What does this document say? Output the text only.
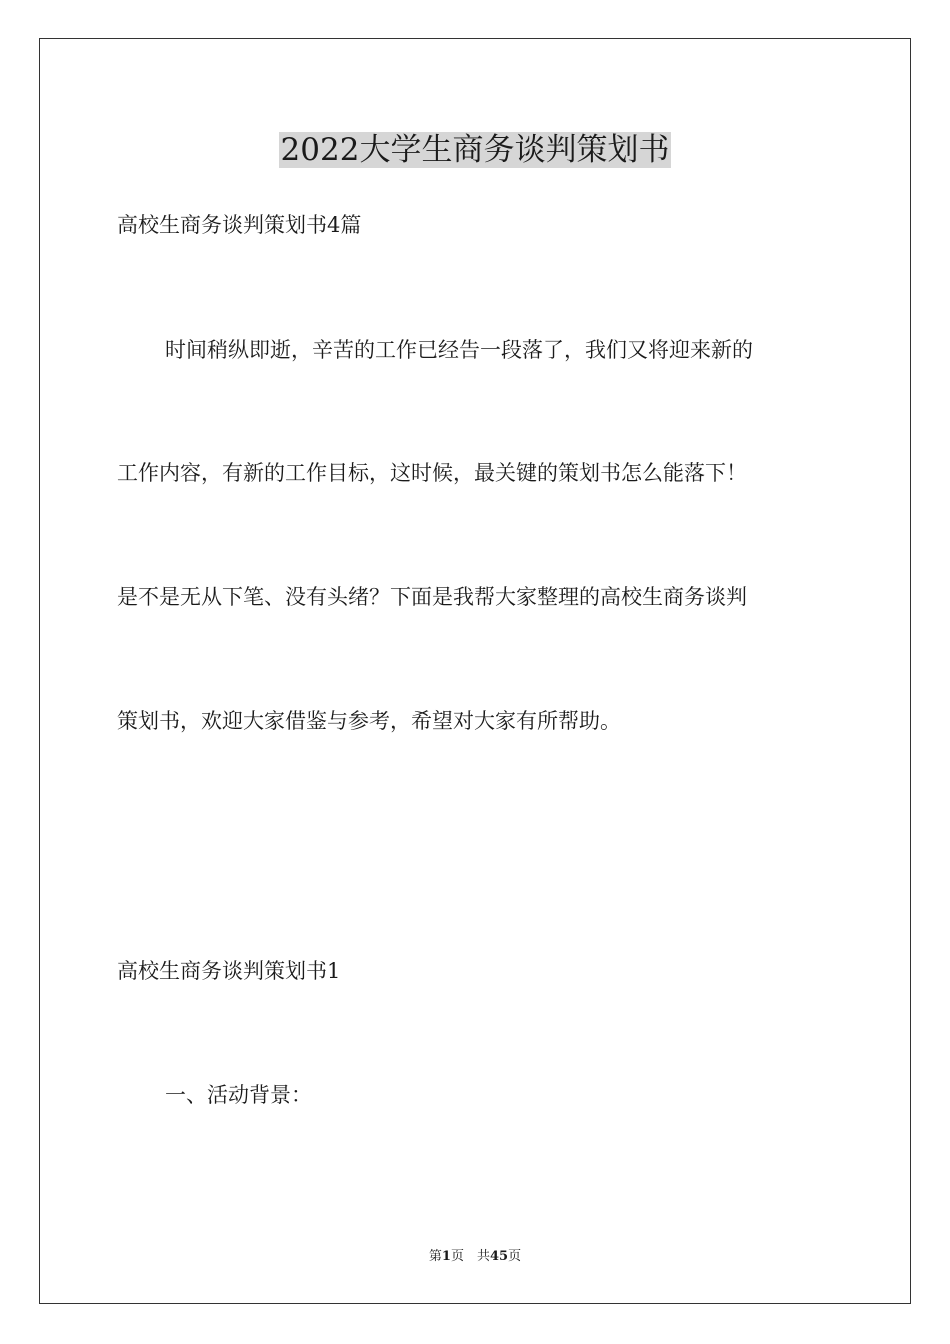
2022大学生商务谈判策划书

高校生商务谈判策划书4篇

时间稍纵即逝，辛苦的工作已经告一段落了，我们又将迎来新的

工作内容，有新的工作目标，这时候，最关键的策划书怎么能落下！

是不是无从下笔、没有头绪？下面是我帮大家整理的高校生商务谈判

策划书，欢迎大家借鉴与参考，希望对大家有所帮助。

高校生商务谈判策划书1

一、活动背景：

第1页　共45页
